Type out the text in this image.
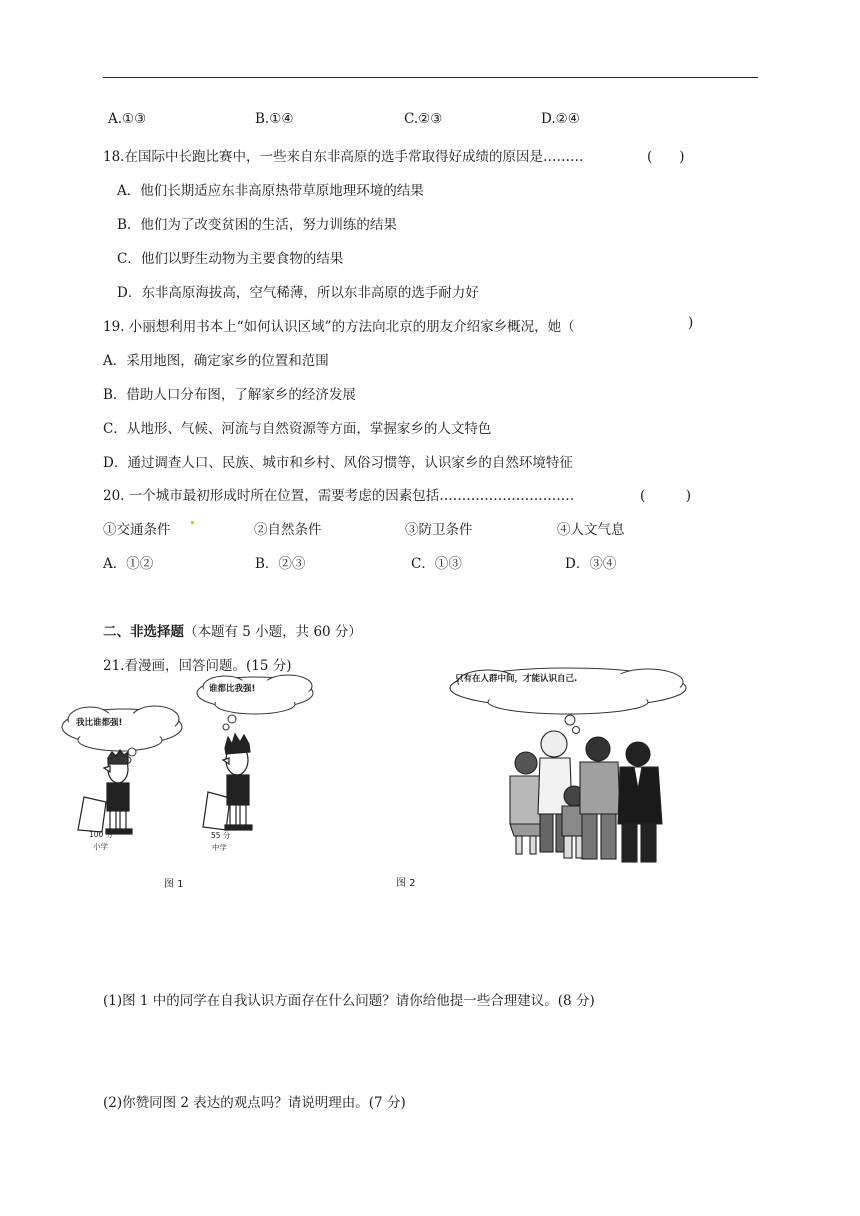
A.①③	B.①④	C.②③	D.②④
18.在国际中长跑比赛中，一些来自东非高原的选手常取得好成绩的原因是………	(　　)
A．他们长期适应东非高原热带草原地理环境的结果
B．他们为了改变贫困的生活，努力训练的结果
C．他们以野生动物为主要食物的结果
D．东非高原海拔高，空气稀薄，所以东非高原的选手耐力好
19. 小丽想利用书本上“如何认识区域”的方法向北京的朋友介绍家乡概况，她（	)
A．采用地图，确定家乡的位置和范围
B．借助人口分布图，了解家乡的经济发展
C．从地形、气候、河流与自然资源等方面，掌握家乡的人文特色
D．通过调查人口、民族、城市和乡村、风俗习惯等，认识家乡的自然环境特征
20. 一个城市最初形成时所在位置，需要考虑的因素包括…………………………	(　　　)
①交通条件	②自然条件	③防卫条件	④人文气息
A．①②	B．②③	C．①③	D．③④
二、非选择题（本题有 5 小题，共 60 分）
21.看漫画，回答问题。(15 分)
我比谁都强!
谁都比我强!
100 分
小学
55 分
中学
图 1
只有在人群中间，才能认识自己.
图 2
(1)图 1 中的同学在自我认识方面存在什么问题？请你给他提一些合理建议。(8 分)
(2)你赞同图 2 表达的观点吗？请说明理由。(7 分)
